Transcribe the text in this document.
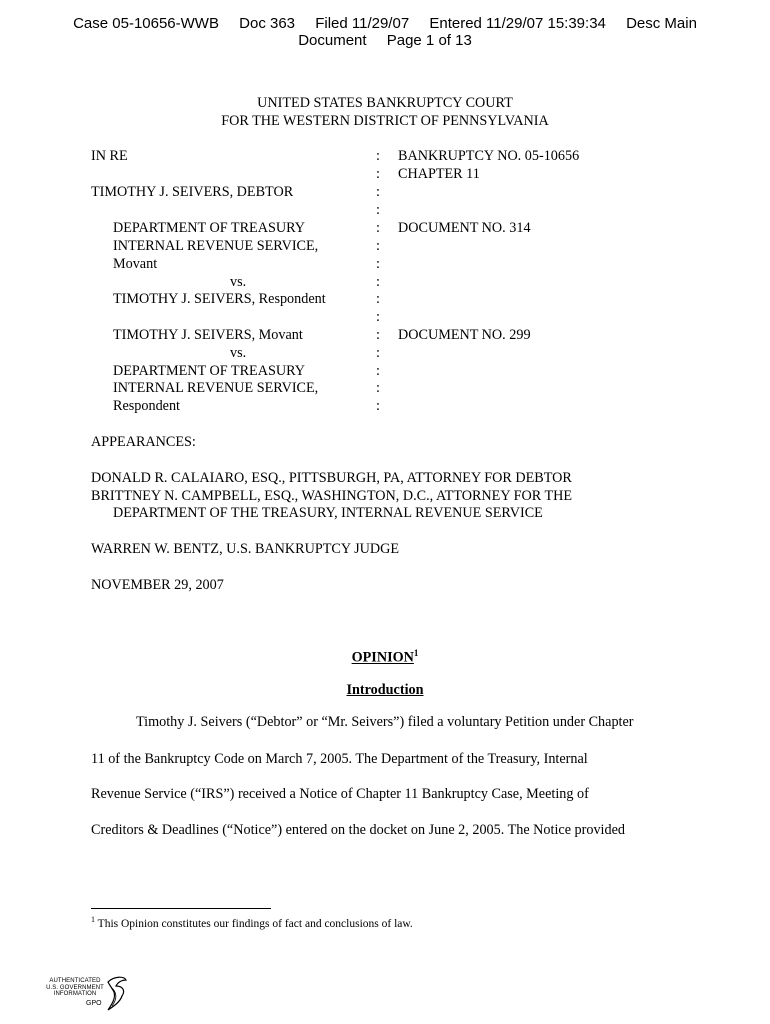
Case 05-10656-WWB Doc 363 Filed 11/29/07 Entered 11/29/07 15:39:34 Desc Main
Document Page 1 of 13
UNITED STATES BANKRUPTCY COURT
FOR THE WESTERN DISTRICT OF PENNSYLVANIA
IN RE
TIMOTHY J. SEIVERS, DEBTOR
DEPARTMENT OF TREASURY
INTERNAL REVENUE SERVICE,
Movant
vs.
TIMOTHY J. SEIVERS, Respondent
TIMOTHY J. SEIVERS, Movant
vs.
DEPARTMENT OF TREASURY
INTERNAL REVENUE SERVICE,
Respondent
:
:
:
:
:
:
:
:
:
:
:
:
:
:
:
BANKRUPTCY NO. 05-10656
CHAPTER 11
DOCUMENT NO. 314
DOCUMENT NO. 299
APPEARANCES:
DONALD R. CALAIARO, ESQ., PITTSBURGH, PA, ATTORNEY FOR DEBTOR
BRITTNEY N. CAMPBELL, ESQ., WASHINGTON, D.C., ATTORNEY FOR THE
DEPARTMENT OF THE TREASURY, INTERNAL REVENUE SERVICE
WARREN W. BENTZ, U.S. BANKRUPTCY JUDGE
NOVEMBER 29, 2007
OPINION$^1$
Introduction
Timothy J. Seivers (“Debtor” or “Mr. Seivers”) filed a voluntary Petition under Chapter
11 of the Bankruptcy Code on March 7, 2005. The Department of the Treasury, Internal
Revenue Service (“IRS”) received a Notice of Chapter 11 Bankruptcy Case, Meeting of
Creditors & Deadlines (“Notice”) entered on the docket on June 2, 2005. The Notice provided
$^1$ This Opinion constitutes our findings of fact and conclusions of law.
AUTHENTICATED
U.S. GOVERNMENT
INFORMATION
GPO
